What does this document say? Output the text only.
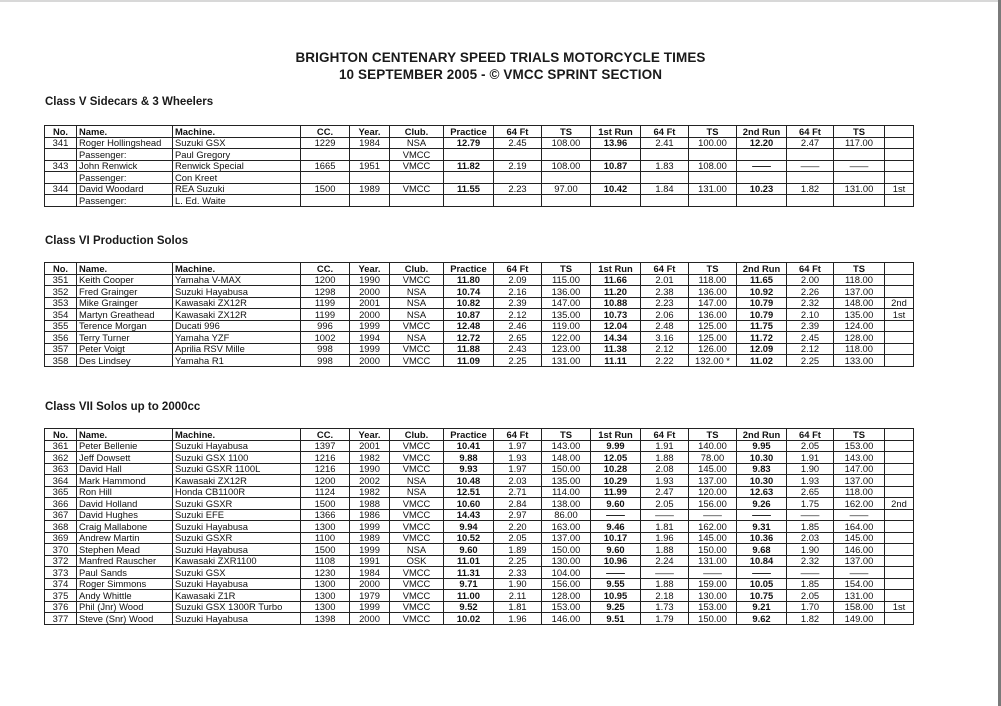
BRIGHTON CENTENARY SPEED TRIALS MOTORCYCLE TIMES
10 SEPTEMBER 2005 - © VMCC SPRINT SECTION
Class V Sidecars & 3 Wheelers
No.	Name.	Machine.	CC.	Year.	Club.	Practice	64 Ft	TS	1st Run	64 Ft	TS	2nd Run	64 Ft	TS	
341	Roger Hollingshead	Suzuki GSX	1229	1984	NSA	12.79	2.45	108.00	13.96	2.41	100.00	12.20	2.47	117.00	
	Passenger:	Paul Gregory			VMCC										
343	John Renwick	Renwick Special	1665	1951	VMCC	11.82	2.19	108.00	10.87	1.83	108.00	——	——	——	
	Passenger:	Con Kreet													
344	David Woodard	REA Suzuki	1500	1989	VMCC	11.55	2.23	97.00	10.42	1.84	131.00	10.23	1.82	131.00	1st
	Passenger:	L. Ed. Waite													
Class VI Production Solos
No.	Name.	Machine.	CC.	Year.	Club.	Practice	64 Ft	TS	1st Run	64 Ft	TS	2nd Run	64 Ft	TS	
351	Keith Cooper	Yamaha V-MAX	1200	1990	VMCC	11.80	2.09	115.00	11.66	2.01	118.00	11.65	2.00	118.00	
352	Fred Grainger	Suzuki Hayabusa	1298	2000	NSA	10.74	2.16	136.00	11.20	2.38	136.00	10.92	2.26	137.00	
353	Mike Grainger	Kawasaki ZX12R	1199	2001	NSA	10.82	2.39	147.00	10.88	2.23	147.00	10.79	2.32	148.00	2nd
354	Martyn Greathead	Kawasaki ZX12R	1199	2000	NSA	10.87	2.12	135.00	10.73	2.06	136.00	10.79	2.10	135.00	1st
355	Terence Morgan	Ducati 996	996	1999	VMCC	12.48	2.46	119.00	12.04	2.48	125.00	11.75	2.39	124.00	
356	Terry Turner	Yamaha YZF	1002	1994	NSA	12.72	2.65	122.00	14.34	3.16	125.00	11.72	2.45	128.00	
357	Peter Voigt	Aprilia RSV Mille	998	1999	VMCC	11.88	2.43	123.00	11.38	2.12	126.00	12.09	2.12	118.00	
358	Des Lindsey	Yamaha R1	998	2000	VMCC	11.09	2.25	131.00	11.11	2.22	132.00 *	11.02	2.25	133.00	
Class VII Solos up to 2000cc
No.	Name.	Machine.	CC.	Year.	Club.	Practice	64 Ft	TS	1st Run	64 Ft	TS	2nd Run	64 Ft	TS	
361	Peter Bellenie	Suzuki Hayabusa	1397	2001	VMCC	10.41	1.97	143.00	9.99	1.91	140.00	9.95	2.05	153.00	
362	Jeff Dowsett	Suzuki GSX 1100	1216	1982	VMCC	9.88	1.93	148.00	12.05	1.88	78.00	10.30	1.91	143.00	
363	David Hall	Suzuki GSXR 1100L	1216	1990	VMCC	9.93	1.97	150.00	10.28	2.08	145.00	9.83	1.90	147.00	
364	Mark Hammond	Kawasaki ZX12R	1200	2002	NSA	10.48	2.03	135.00	10.29	1.93	137.00	10.30	1.93	137.00	
365	Ron Hill	Honda CB1100R	1124	1982	NSA	12.51	2.71	114.00	11.99	2.47	120.00	12.63	2.65	118.00	
366	David Holland	Suzuki GSXR	1500	1988	VMCC	10.60	2.84	138.00	9.60	2.05	156.00	9.26	1.75	162.00	2nd
367	David Hughes	Suzuki EFE	1366	1986	VMCC	14.43	2.97	86.00	——	——	——	——	——	——	
368	Craig Mallabone	Suzuki Hayabusa	1300	1999	VMCC	9.94	2.20	163.00	9.46	1.81	162.00	9.31	1.85	164.00	
369	Andrew Martin	Suzuki GSXR	1100	1989	VMCC	10.52	2.05	137.00	10.17	1.96	145.00	10.36	2.03	145.00	
370	Stephen Mead	Suzuki Hayabusa	1500	1999	NSA	9.60	1.89	150.00	9.60	1.88	150.00	9.68	1.90	146.00	
372	Manfred Rauscher	Kawasaki ZXR1100	1108	1991	OSK	11.01	2.25	130.00	10.96	2.24	131.00	10.84	2.32	137.00	
373	Paul Sands	Suzuki GSX	1230	1984	VMCC	11.31	2.33	104.00	——	——	——	——	——	——	
374	Roger Simmons	Suzuki Hayabusa	1300	2000	VMCC	9.71	1.90	156.00	9.55	1.88	159.00	10.05	1.85	154.00	
375	Andy Whittle	Kawasaki Z1R	1300	1979	VMCC	11.00	2.11	128.00	10.95	2.18	130.00	10.75	2.05	131.00	
376	Phil (Jnr) Wood	Suzuki GSX 1300R Turbo	1300	1999	VMCC	9.52	1.81	153.00	9.25	1.73	153.00	9.21	1.70	158.00	1st
377	Steve (Snr) Wood	Suzuki Hayabusa	1398	2000	VMCC	10.02	1.96	146.00	9.51	1.79	150.00	9.62	1.82	149.00	
